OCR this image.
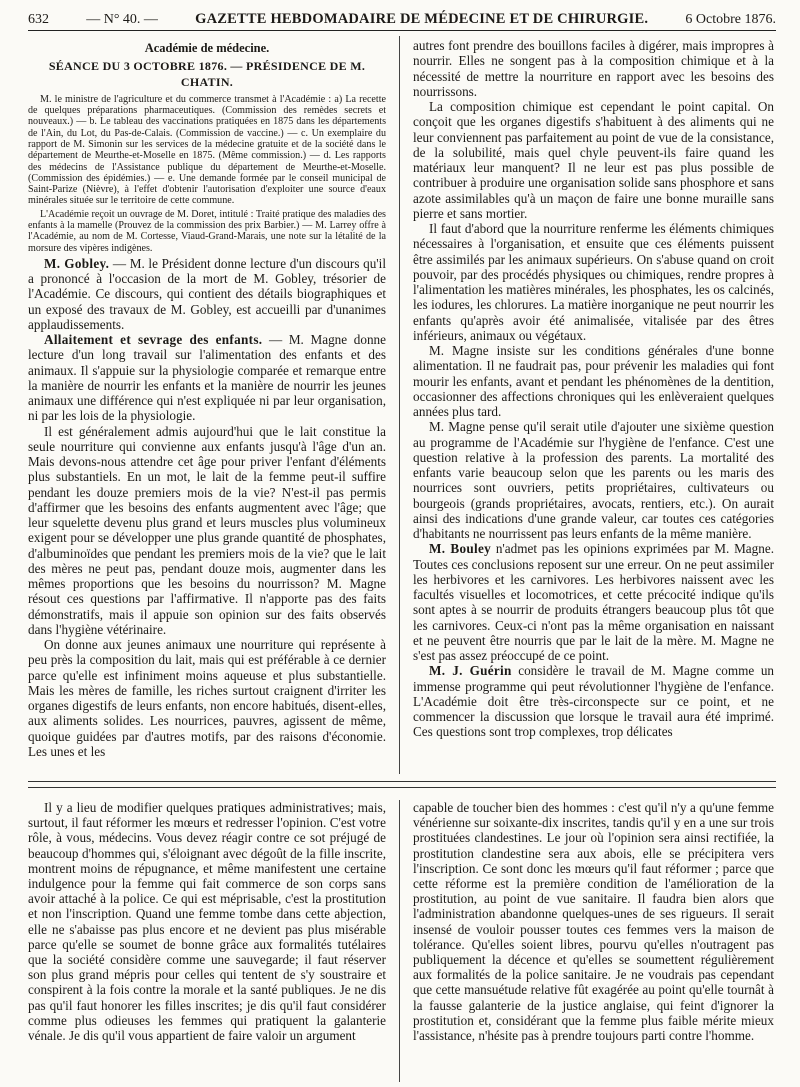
632	— N° 40. —	GAZETTE HEBDOMADAIRE DE MÉDECINE ET DE CHIRURGIE.	6 Octobre 1876.
Académie de médecine.
SÉANCE DU 3 OCTOBRE 1876. — PRÉSIDENCE DE M. CHATIN.

M. le ministre de l'agriculture et du commerce transmet à l'Académie : a) La recette de quelques préparations pharmaceutiques. (Commission des remèdes secrets et nouveaux.) — b. Le tableau des vaccinations pratiquées en 1875 dans les départements de l'Ain, du Lot, du Pas-de-Calais. (Commission de vaccine.) — c. Un exemplaire du rapport de M. Simonin sur les services de la médecine gratuite et de la société dans le département de Meurthe-et-Moselle en 1875. (Même commission.) — d. Les rapports des médecins de l'Assistance publique du département de Meurthe-et-Moselle. (Commission des épidémies.) — e. Une demande formée par le conseil municipal de Saint-Parize (Nièvre), à l'effet d'obtenir l'autorisation d'exploiter une source d'eaux minérales située sur le territoire de cette commune.

L'Académie reçoit un ouvrage de M. Doret, intitulé : Traité pratique des maladies des enfants à la mamelle (Prouvez de la commission des prix Barbier.) — M. Larrey offre à l'Académie, au nom de M. Cortesse, Viaud-Grand-Marais, une note sur la létalité de la morsure des vipères indigènes.

M. Gobley. — M. le Président donne lecture d'un discours qu'il a prononcé à l'occasion de la mort de M. Gobley, trésorier de l'Académie. Ce discours, qui contient des détails biographiques et un exposé des travaux de M. Gobley, est accueilli par d'unanimes applaudissements.

Allaitement et sevrage des enfants. — M. Magne donne lecture d'un long travail sur l'alimentation des enfants et des animaux. Il s'appuie sur la physiologie comparée et remarque entre la manière de nourrir les enfants et la manière de nourrir les jeunes animaux une différence qui n'est expliquée ni par leur organisation, ni par les lois de la physiologie.

Il est généralement admis aujourd'hui que le lait constitue la seule nourriture qui convienne aux enfants jusqu'à l'âge d'un an. Mais devons-nous attendre cet âge pour priver l'enfant d'éléments plus substantiels. En un mot, le lait de la femme peut-il suffire pendant les douze premiers mois de la vie? N'est-il pas permis d'affirmer que les besoins des enfants augmentent avec l'âge; que leur squelette devenu plus grand et leurs muscles plus volumineux exigent pour se développer une plus grande quantité de phosphates, d'albuminoïdes que pendant les premiers mois de la vie? que le lait des mères ne peut pas, pendant douze mois, augmenter dans les mêmes proportions que les besoins du nourrisson? M. Magne résout ces questions par l'affirmative. Il n'apporte pas des faits démonstratifs, mais il appuie son opinion sur des faits observés dans l'hygiène vétérinaire.

On donne aux jeunes animaux une nourriture qui représente à peu près la composition du lait, mais qui est préférable à ce dernier parce qu'elle est infiniment moins aqueuse et plus substantielle. Mais les mères de famille, les riches surtout craignent d'irriter les organes digestifs de leurs enfants, non encore habitués, disent-elles, aux aliments solides. Les nourrices, pauvres, agissent de même, quoique guidées par d'autres motifs, par des raisons d'économie. Les unes et les

autres font prendre des bouillons faciles à digérer, mais impropres à nourrir. Elles ne songent pas à la composition chimique et à la nécessité de mettre la nourriture en rapport avec les besoins des nourrissons.

La composition chimique est cependant le point capital. On conçoit que les organes digestifs s'habituent à des aliments qui ne leur conviennent pas parfaitement au point de vue de la consistance, de la solubilité, mais quel chyle peuvent-ils faire quand les matériaux leur manquent? Il ne leur est pas plus possible de contribuer à produire une organisation solide sans phosphore et sans azote assimilables qu'à un maçon de faire une bonne muraille sans pierre et sans mortier.

Il faut d'abord que la nourriture renferme les éléments chimiques nécessaires à l'organisation, et ensuite que ces éléments puissent être assimilés par les animaux supérieurs. On s'abuse quand on croit pouvoir, par des procédés physiques ou chimiques, rendre propres à l'alimentation les matières minérales, les phosphates, les os calcinés, les iodures, les chlorures. La matière inorganique ne peut nourrir les enfants qu'après avoir été animalisée, vitalisée par des êtres inférieurs, animaux ou végétaux.

M. Magne insiste sur les conditions générales d'une bonne alimentation. Il ne faudrait pas, pour prévenir les maladies qui font mourir les enfants, avant et pendant les phénomènes de la dentition, occasionner des affections chroniques qui les enlèveraient quelques années plus tard.

M. Magne pense qu'il serait utile d'ajouter une sixième question au programme de l'Académie sur l'hygiène de l'enfance. C'est une question relative à la profession des parents. La mortalité des enfants varie beaucoup selon que les parents ou les maris des nourrices sont ouvriers, petits propriétaires, cultivateurs ou bourgeois (grands propriétaires, avocats, rentiers, etc.). On aurait ainsi des indications d'une grande valeur, car toutes ces catégories d'habitants ne nourrissent pas leurs enfants de la même manière.

M. Bouley n'admet pas les opinions exprimées par M. Magne. Toutes ces conclusions reposent sur une erreur. On ne peut assimiler les herbivores et les carnivores. Les herbivores naissent avec les facultés visuelles et locomotrices, et cette précocité indique qu'ils sont aptes à se nourrir de produits étrangers beaucoup plus tôt que les carnivores. Ceux-ci n'ont pas la même organisation en naissant et ne peuvent être nourris que par le lait de la mère. M. Magne ne s'est pas assez préoccupé de ce point.

M. J. Guérin considère le travail de M. Magne comme un immense programme qui peut révolutionner l'hygiène de l'enfance. L'Académie doit être très-circonspecte sur ce point, et ne commencer la discussion que lorsque le travail aura été imprimé. Ces questions sont trop complexes, trop délicates

Il y a lieu de modifier quelques pratiques administratives; mais, surtout, il faut réformer les mœurs et redresser l'opinion. C'est votre rôle, à vous, médecins. Vous devez réagir contre ce sot préjugé de beaucoup d'hommes qui, s'éloignant avec dégoût de la fille inscrite, montrent moins de répugnance, et même manifestent une certaine indulgence pour la femme qui fait commerce de son corps sans avoir attaché à la police. Ce qui est méprisable, c'est la prostitution et non l'inscription. Quand une femme tombe dans cette abjection, elle ne s'abaisse pas plus encore et ne devient pas plus misérable parce qu'elle se soumet de bonne grâce aux formalités tutélaires que la société considère comme une sauvegarde; il faut réserver son plus grand mépris pour celles qui tentent de s'y soustraire et conspirent à la fois contre la morale et la santé publiques. Je ne dis pas qu'il faut honorer les filles inscrites; je dis qu'il faut considérer comme plus odieuses les femmes qui pratiquent la galanterie vénale. Je dis qu'il vous appartient de faire valoir un argument

capable de toucher bien des hommes : c'est qu'il n'y a qu'une femme vénérienne sur soixante-dix inscrites, tandis qu'il y en a une sur trois prostituées clandestines. Le jour où l'opinion sera ainsi rectifiée, la prostitution clandestine sera aux abois, elle se précipitera vers l'inscription. Ce sont donc les mœurs qu'il faut réformer ; parce que cette réforme est la première condition de l'amélioration de la prostitution, au point de vue sanitaire. Il faudra bien alors que l'administration abandonne quelques-unes de ses rigueurs. Il serait insensé de vouloir pousser toutes ces femmes vers la maison de tolérance. Qu'elles soient libres, pourvu qu'elles n'outragent pas publiquement la décence et qu'elles se soumettent régulièrement aux formalités de la police sanitaire. Je ne voudrais pas cependant que cette mansuétude relative fût exagérée au point qu'elle tournât à la fausse galanterie de la justice anglaise, qui feint d'ignorer la prostitution et, considérant que la femme plus faible mérite mieux l'assistance, n'hésite pas à prendre toujours parti contre l'homme.
